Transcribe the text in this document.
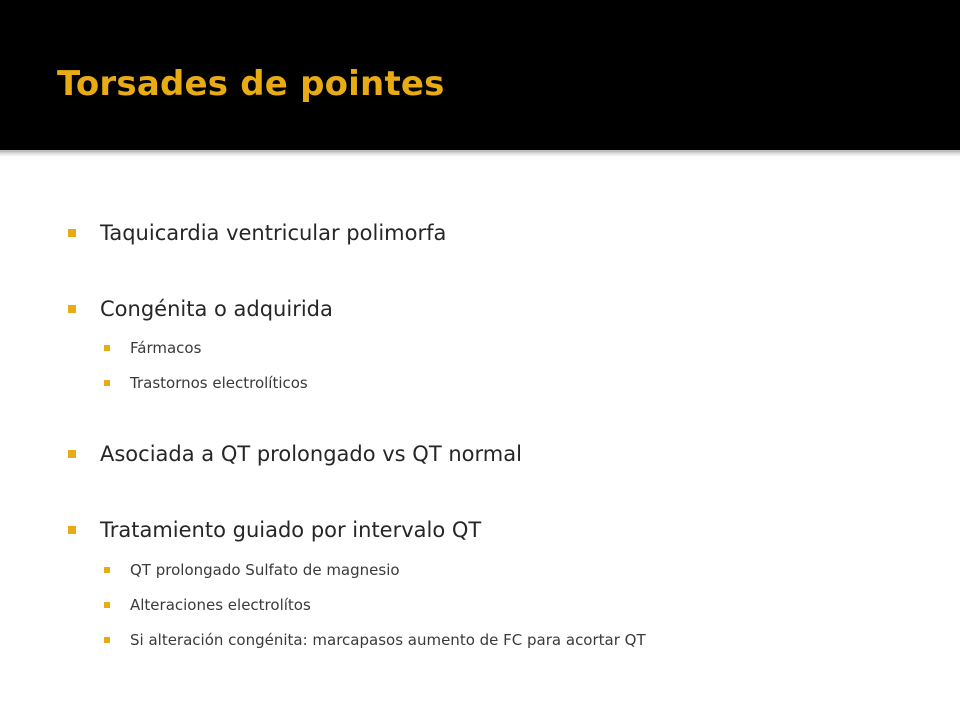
Torsades de pointes
Taquicardia ventricular polimorfa
Congénita o adquirida
Fármacos
Trastornos electrolíticos
Asociada a QT prolongado vs QT normal
Tratamiento guiado por intervalo QT
QT prolongado Sulfato de magnesio
Alteraciones electrolítos
Si alteración congénita: marcapasos aumento de FC para acortar QT
